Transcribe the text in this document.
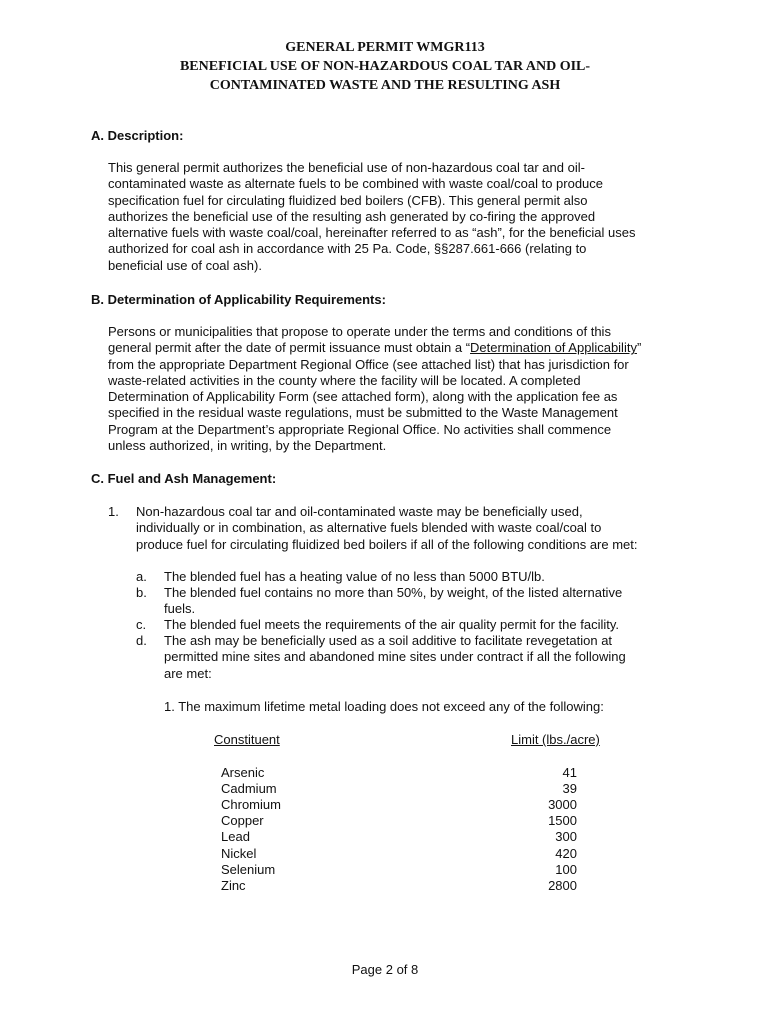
GENERAL PERMIT WMGR113
BENEFICIAL USE OF NON-HAZARDOUS COAL TAR AND OIL-
CONTAMINATED WASTE AND THE RESULTING ASH
A. Description:
This general permit authorizes the beneficial use of non-hazardous coal tar and oil-
contaminated waste as alternate fuels to be combined with waste coal/coal to produce
specification fuel for circulating fluidized bed boilers (CFB). This general permit also
authorizes the beneficial use of the resulting ash generated by co-firing the approved
alternative fuels with waste coal/coal, hereinafter referred to as “ash”, for the beneficial uses
authorized for coal ash in accordance with 25 Pa. Code, §§287.661-666 (relating to
beneficial use of coal ash).
B. Determination of Applicability Requirements:
Persons or municipalities that propose to operate under the terms and conditions of this
general permit after the date of permit issuance must obtain a “Determination of Applicability”
from the appropriate Department Regional Office (see attached list) that has jurisdiction for
waste-related activities in the county where the facility will be located. A completed
Determination of Applicability Form (see attached form), along with the application fee as
specified in the residual waste regulations, must be submitted to the Waste Management
Program at the Department’s appropriate Regional Office. No activities shall commence
unless authorized, in writing, by the Department.
C. Fuel and Ash Management:
1. Non-hazardous coal tar and oil-contaminated waste may be beneficially used,
individually or in combination, as alternative fuels blended with waste coal/coal to
produce fuel for circulating fluidized bed boilers if all of the following conditions are met:
a. The blended fuel has a heating value of no less than 5000 BTU/lb.
b. The blended fuel contains no more than 50%, by weight, of the listed alternative
fuels.
c. The blended fuel meets the requirements of the air quality permit for the facility.
d. The ash may be beneficially used as a soil additive to facilitate revegetation at
permitted mine sites and abandoned mine sites under contract if all the following
are met:
1. The maximum lifetime metal loading does not exceed any of the following:
Constituent	Limit (lbs./acre)
Arsenic	41
Cadmium	39
Chromium	3000
Copper	1500
Lead	300
Nickel	420
Selenium	100
Zinc	2800
Page 2 of 8
